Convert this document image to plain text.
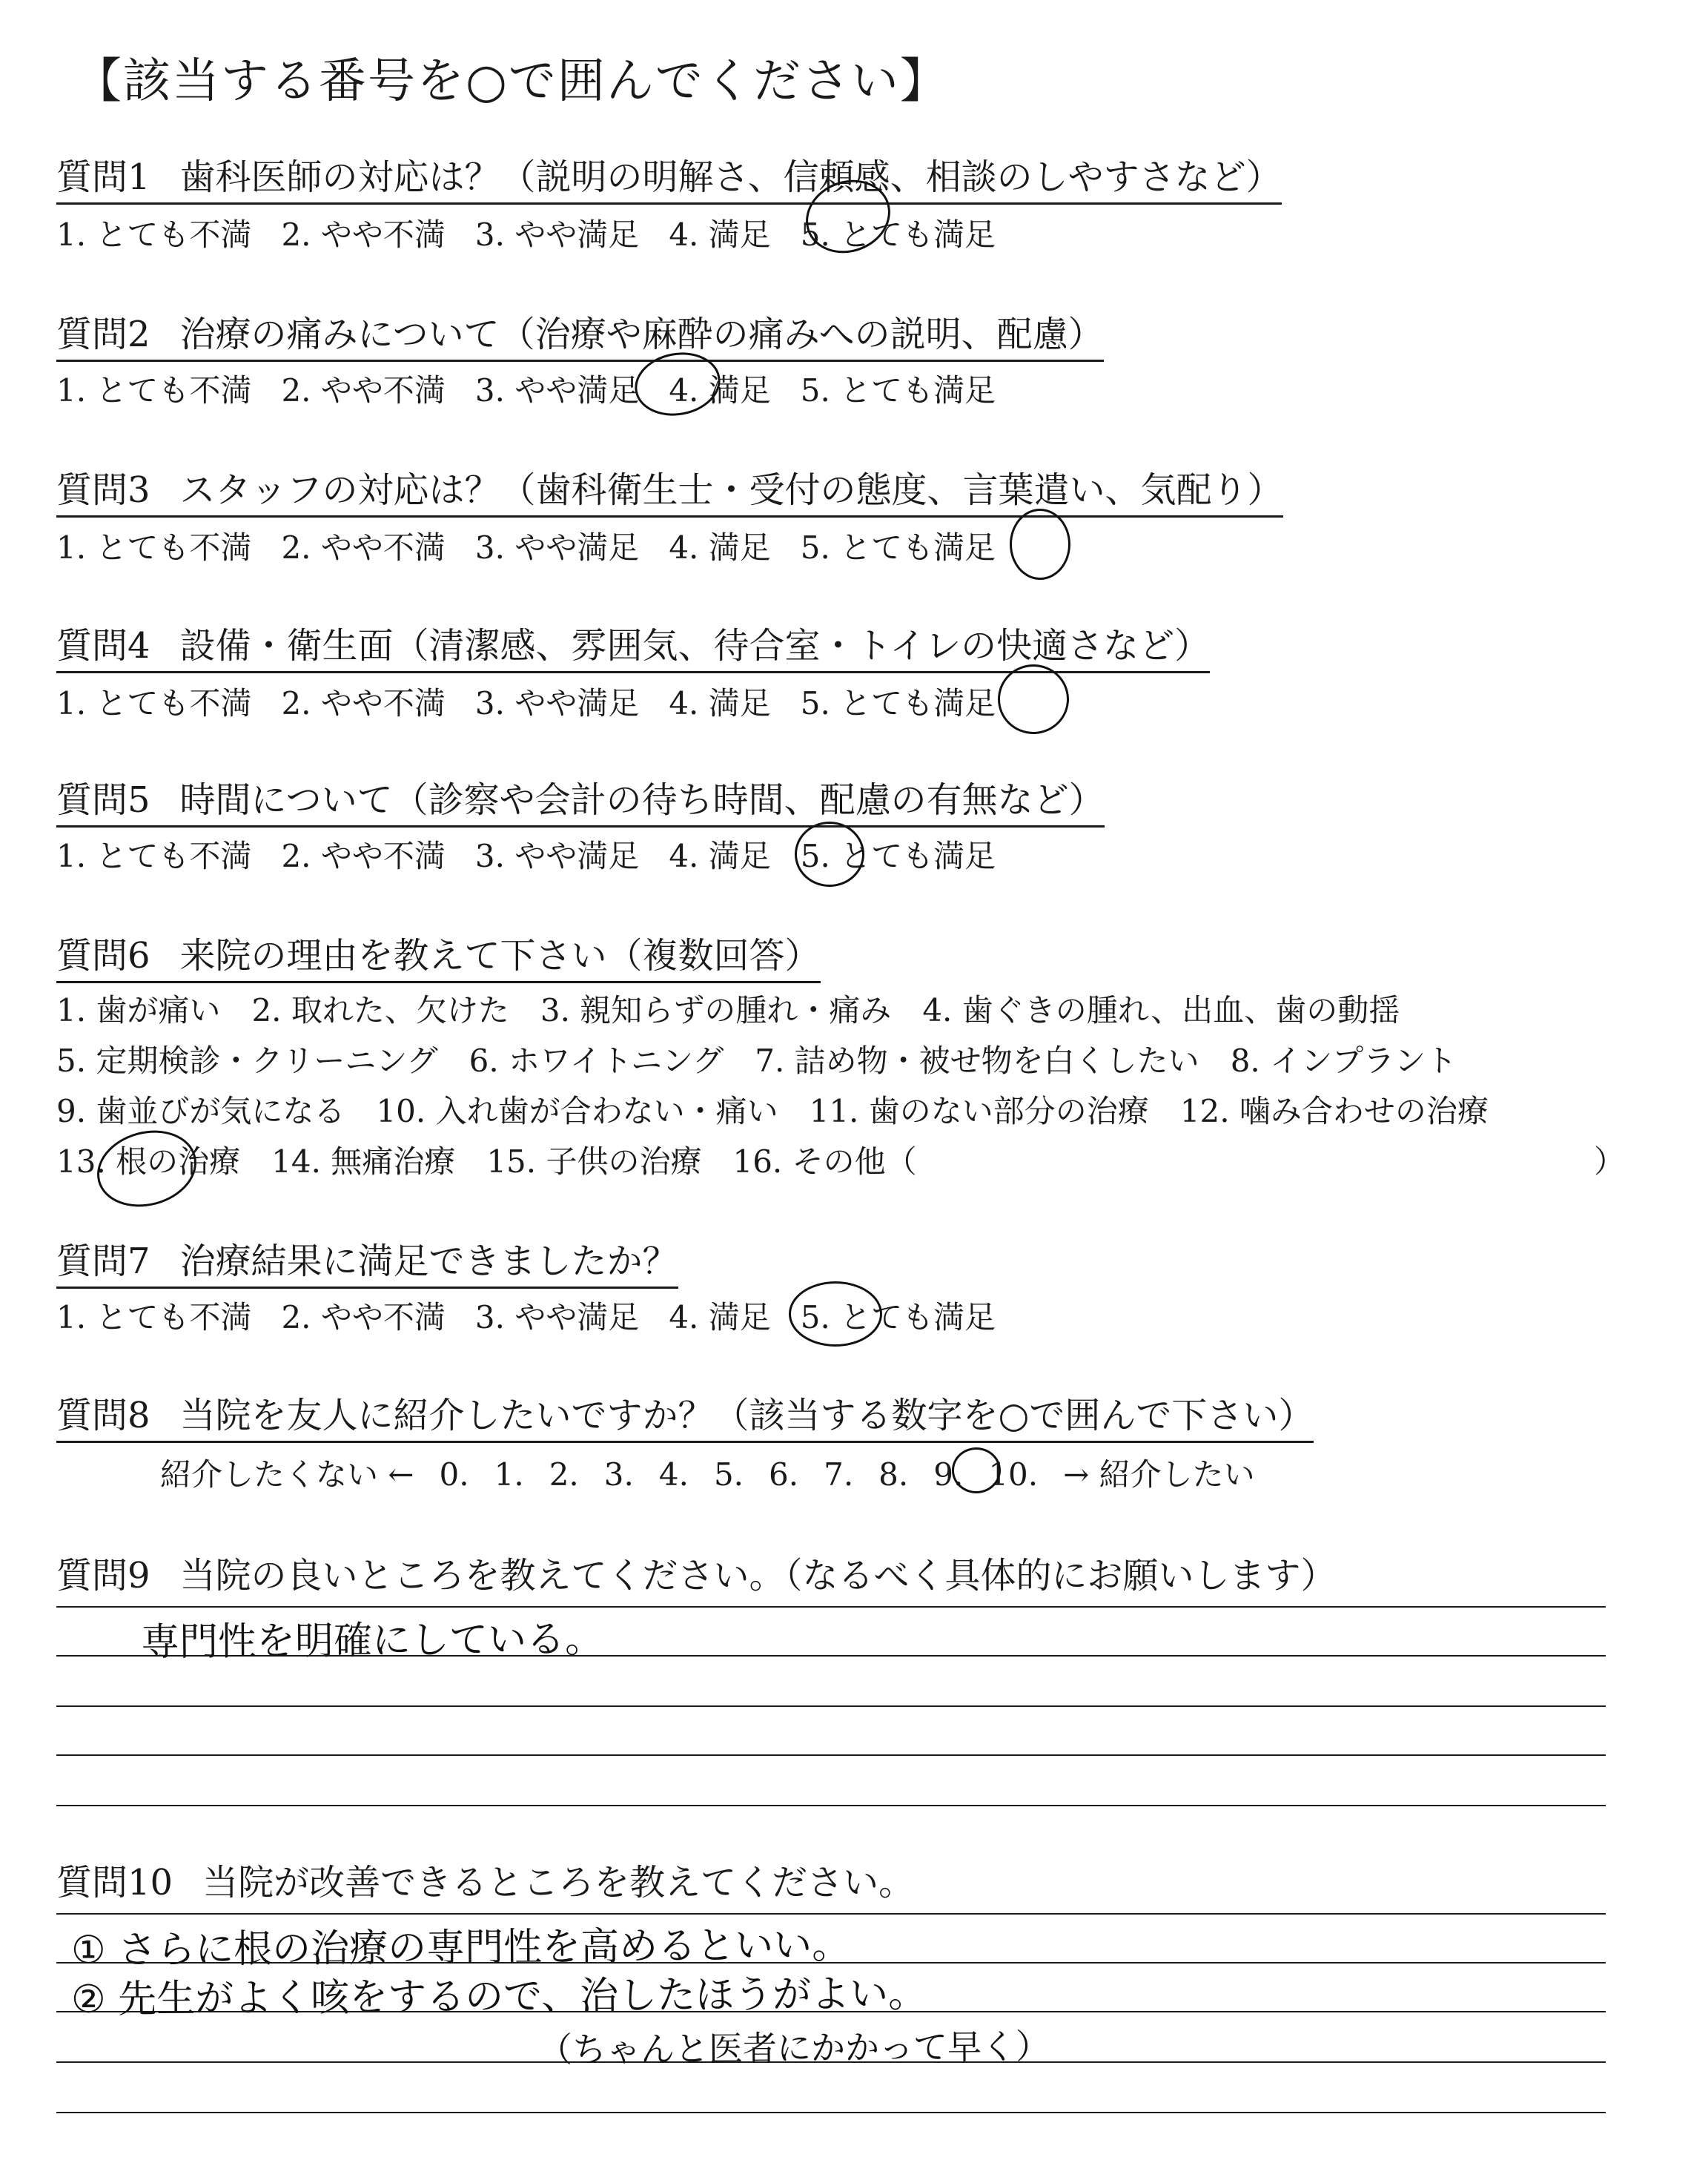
【該当する番号を○で囲んでください】
質問1 歯科医師の対応は？（説明の明解さ、信頼感、相談のしやすさなど）
1. とても不満 2. やや不満 3. やや満足 4. 満足 5. とても満足
質問2 治療の痛みについて（治療や麻酔の痛みへの説明、配慮）
1. とても不満 2. やや不満 3. やや満足 4. 満足 5. とても満足
質問3 スタッフの対応は？（歯科衛生士・受付の態度、言葉遣い、気配り）
1. とても不満 2. やや不満 3. やや満足 4. 満足 5. とても満足
質問4 設備・衛生面（清潔感、雰囲気、待合室・トイレの快適さなど）
1. とても不満 2. やや不満 3. やや満足 4. 満足 5. とても満足
質問5 時間について（診察や会計の待ち時間、配慮の有無など）
1. とても不満 2. やや不満 3. やや満足 4. 満足 5. とても満足
質問6 来院の理由を教えて下さい（複数回答）
1. 歯が痛い 2. 取れた、欠けた 3. 親知らずの腫れ・痛み 4. 歯ぐきの腫れ、出血、歯の動揺
5. 定期検診・クリーニング 6. ホワイトニング 7. 詰め物・被せ物を白くしたい 8. インプラント
9. 歯並びが気になる 10. 入れ歯が合わない・痛い 11. 歯のない部分の治療 12. 噛み合わせの治療
13. 根の治療 14. 無痛治療 15. 子供の治療 16. その他（	）
質問7 治療結果に満足できましたか？
1. とても不満 2. やや不満 3. やや満足 4. 満足 5. とても満足
質問8 当院を友人に紹介したいですか？（該当する数字を○で囲んで下さい）
紹介したくない ← 0. 1. 2. 3. 4. 5. 6. 7. 8. 9. 10. → 紹介したい
質問9 当院の良いところを教えてください。（なるべく具体的にお願いします）
専門性を明確にしている。
質問10 当院が改善できるところを教えてください。
① さらに根の治療の専門性を高めるといい。
② 先生がよく咳をするので、治したほうがよい。
（ちゃんと医者にかかって早く）
